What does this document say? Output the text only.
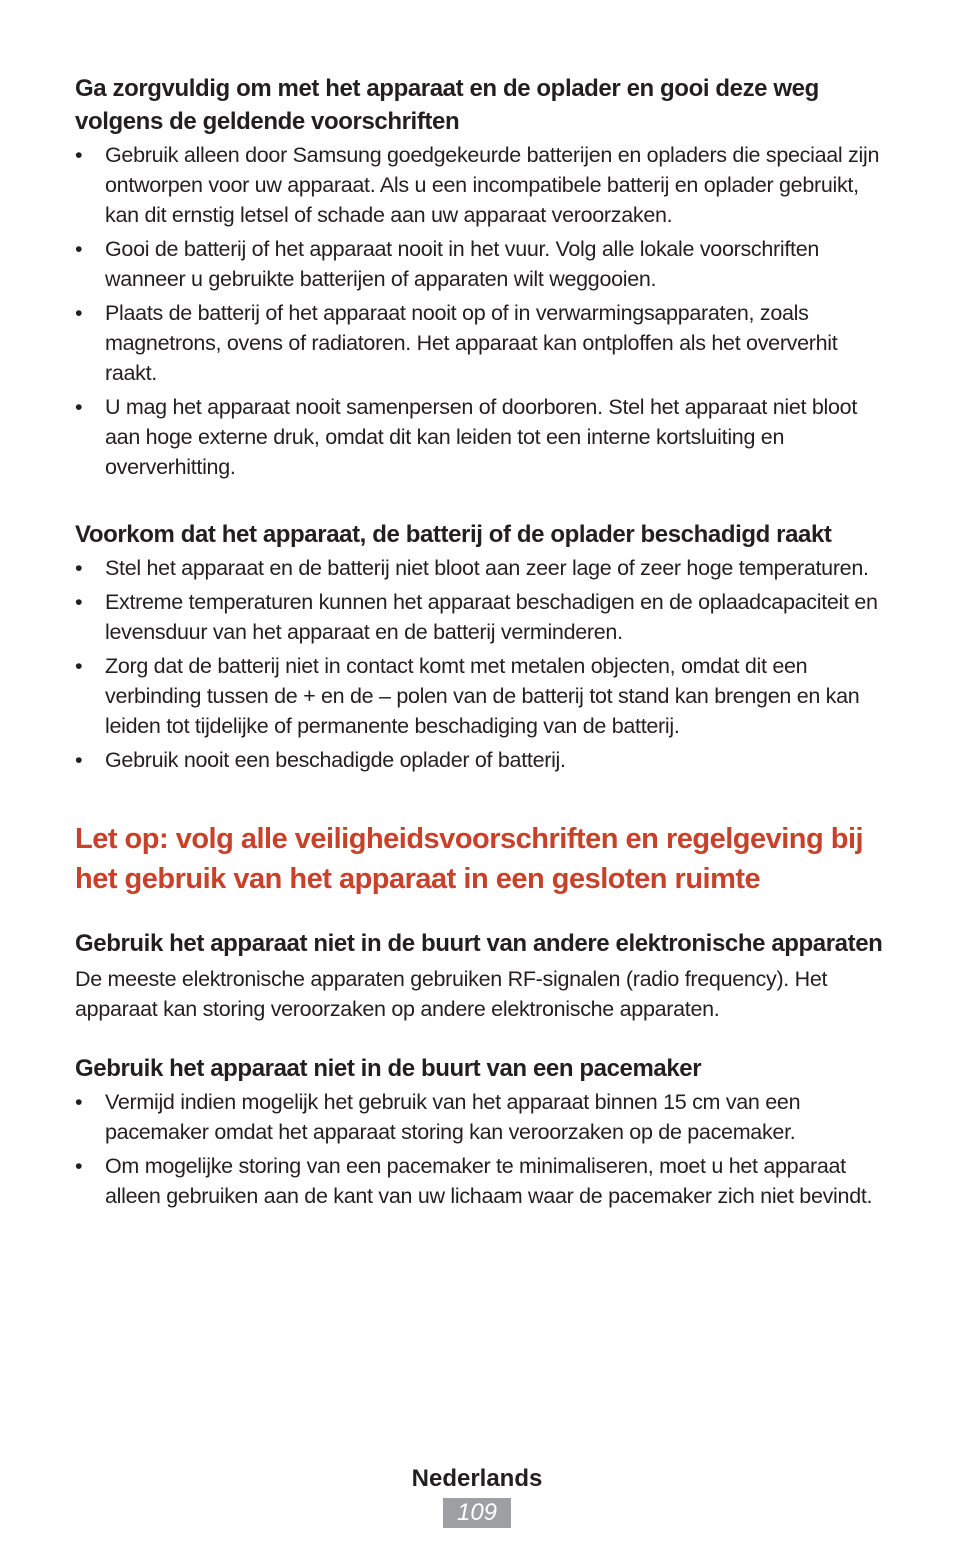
Ga zorgvuldig om met het apparaat en de oplader en gooi deze weg volgens de geldende voorschriften
• Gebruik alleen door Samsung goedgekeurde batterijen en opladers die speciaal zijn ontworpen voor uw apparaat. Als u een incompatibele batterij en oplader gebruikt, kan dit ernstig letsel of schade aan uw apparaat veroorzaken.
• Gooi de batterij of het apparaat nooit in het vuur. Volg alle lokale voorschriften wanneer u gebruikte batterijen of apparaten wilt weggooien.
• Plaats de batterij of het apparaat nooit op of in verwarmingsapparaten, zoals magnetrons, ovens of radiatoren. Het apparaat kan ontploffen als het oververhit raakt.
• U mag het apparaat nooit samenpersen of doorboren. Stel het apparaat niet bloot aan hoge externe druk, omdat dit kan leiden tot een interne kortsluiting en oververhitting.
Voorkom dat het apparaat, de batterij of de oplader beschadigd raakt
• Stel het apparaat en de batterij niet bloot aan zeer lage of zeer hoge temperaturen.
• Extreme temperaturen kunnen het apparaat beschadigen en de oplaadcapaciteit en levensduur van het apparaat en de batterij verminderen.
• Zorg dat de batterij niet in contact komt met metalen objecten, omdat dit een verbinding tussen de + en de – polen van de batterij tot stand kan brengen en kan leiden tot tijdelijke of permanente beschadiging van de batterij.
• Gebruik nooit een beschadigde oplader of batterij.
Let op: volg alle veiligheidsvoorschriften en regelgeving bij het gebruik van het apparaat in een gesloten ruimte
Gebruik het apparaat niet in de buurt van andere elektronische apparaten

De meeste elektronische apparaten gebruiken RF-signalen (radio frequency). Het apparaat kan storing veroorzaken op andere elektronische apparaten.

Gebruik het apparaat niet in de buurt van een pacemaker
• Vermijd indien mogelijk het gebruik van het apparaat binnen 15 cm van een pacemaker omdat het apparaat storing kan veroorzaken op de pacemaker.
• Om mogelijke storing van een pacemaker te minimaliseren, moet u het apparaat alleen gebruiken aan de kant van uw lichaam waar de pacemaker zich niet bevindt.
Nederlands
109
